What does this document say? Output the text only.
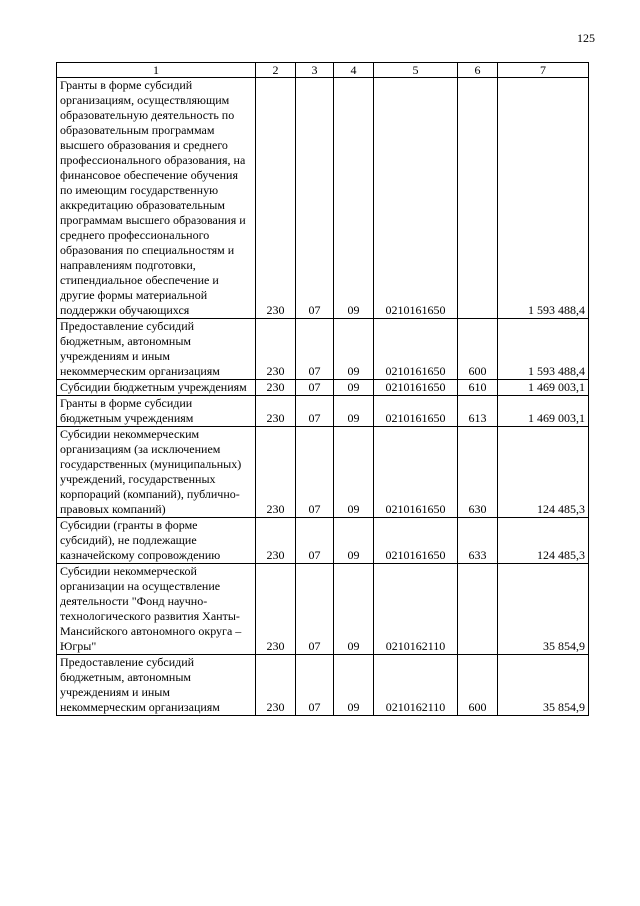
125
1	2	3	4	5	6	7
Гранты в форме субсидий организациям, осуществляющим образовательную деятельность по образовательным программам высшего образования и среднего профессионального образования, на финансовое обеспечение обучения по имеющим государственную аккредитацию образовательным программам высшего образования и среднего профессионального образования по специальностям и направлениям подготовки, стипендиальное обеспечение и другие формы материальной поддержки обучающихся	230	07	09	0210161650		1 593 488,4
Предоставление субсидий бюджетным, автономным учреждениям и иным некоммерческим организациям	230	07	09	0210161650	600	1 593 488,4
Субсидии бюджетным учреждениям	230	07	09	0210161650	610	1 469 003,1
Гранты в форме субсидии бюджетным учреждениям	230	07	09	0210161650	613	1 469 003,1
Субсидии некоммерческим организациям (за исключением государственных (муниципальных) учреждений, государственных корпораций (компаний), публично-правовых компаний)	230	07	09	0210161650	630	124 485,3
Субсидии (гранты в форме субсидий), не подлежащие казначейскому сопровождению	230	07	09	0210161650	633	124 485,3
Субсидии некоммерческой организации на осуществление деятельности "Фонд научно-технологического развития Ханты-Мансийского автономного округа – Югры"	230	07	09	0210162110		35 854,9
Предоставление субсидий бюджетным, автономным учреждениям и иным некоммерческим организациям	230	07	09	0210162110	600	35 854,9
